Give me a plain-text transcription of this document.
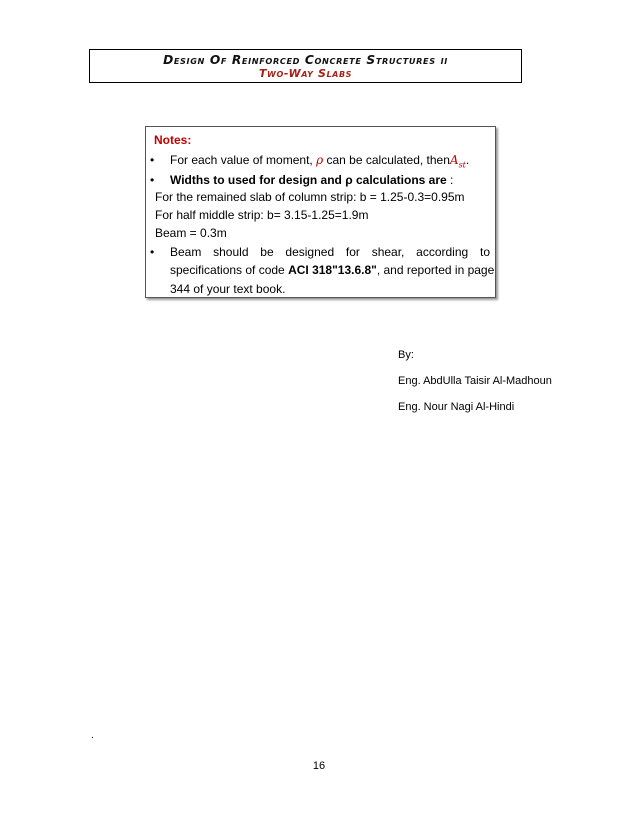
Design Of Reinforced Concrete Structures ii
Two-Way Slabs
Notes:
• For each value of moment, ρ can be calculated, thenA$_{st}$.
• Widths to used for design and ρ calculations are :
For the remained slab of column strip: b = 1.25-0.3=0.95m
For half middle strip: b= 3.15-1.25=1.9m
Beam = 0.3m
• Beam should be designed for shear, according to
specifications of code ACI 318"13.6.8", and reported in page
344 of your text book.
By:
Eng. AbdUlla Taisir Al-Madhoun
Eng. Nour Nagi Al-Hindi
.
16
